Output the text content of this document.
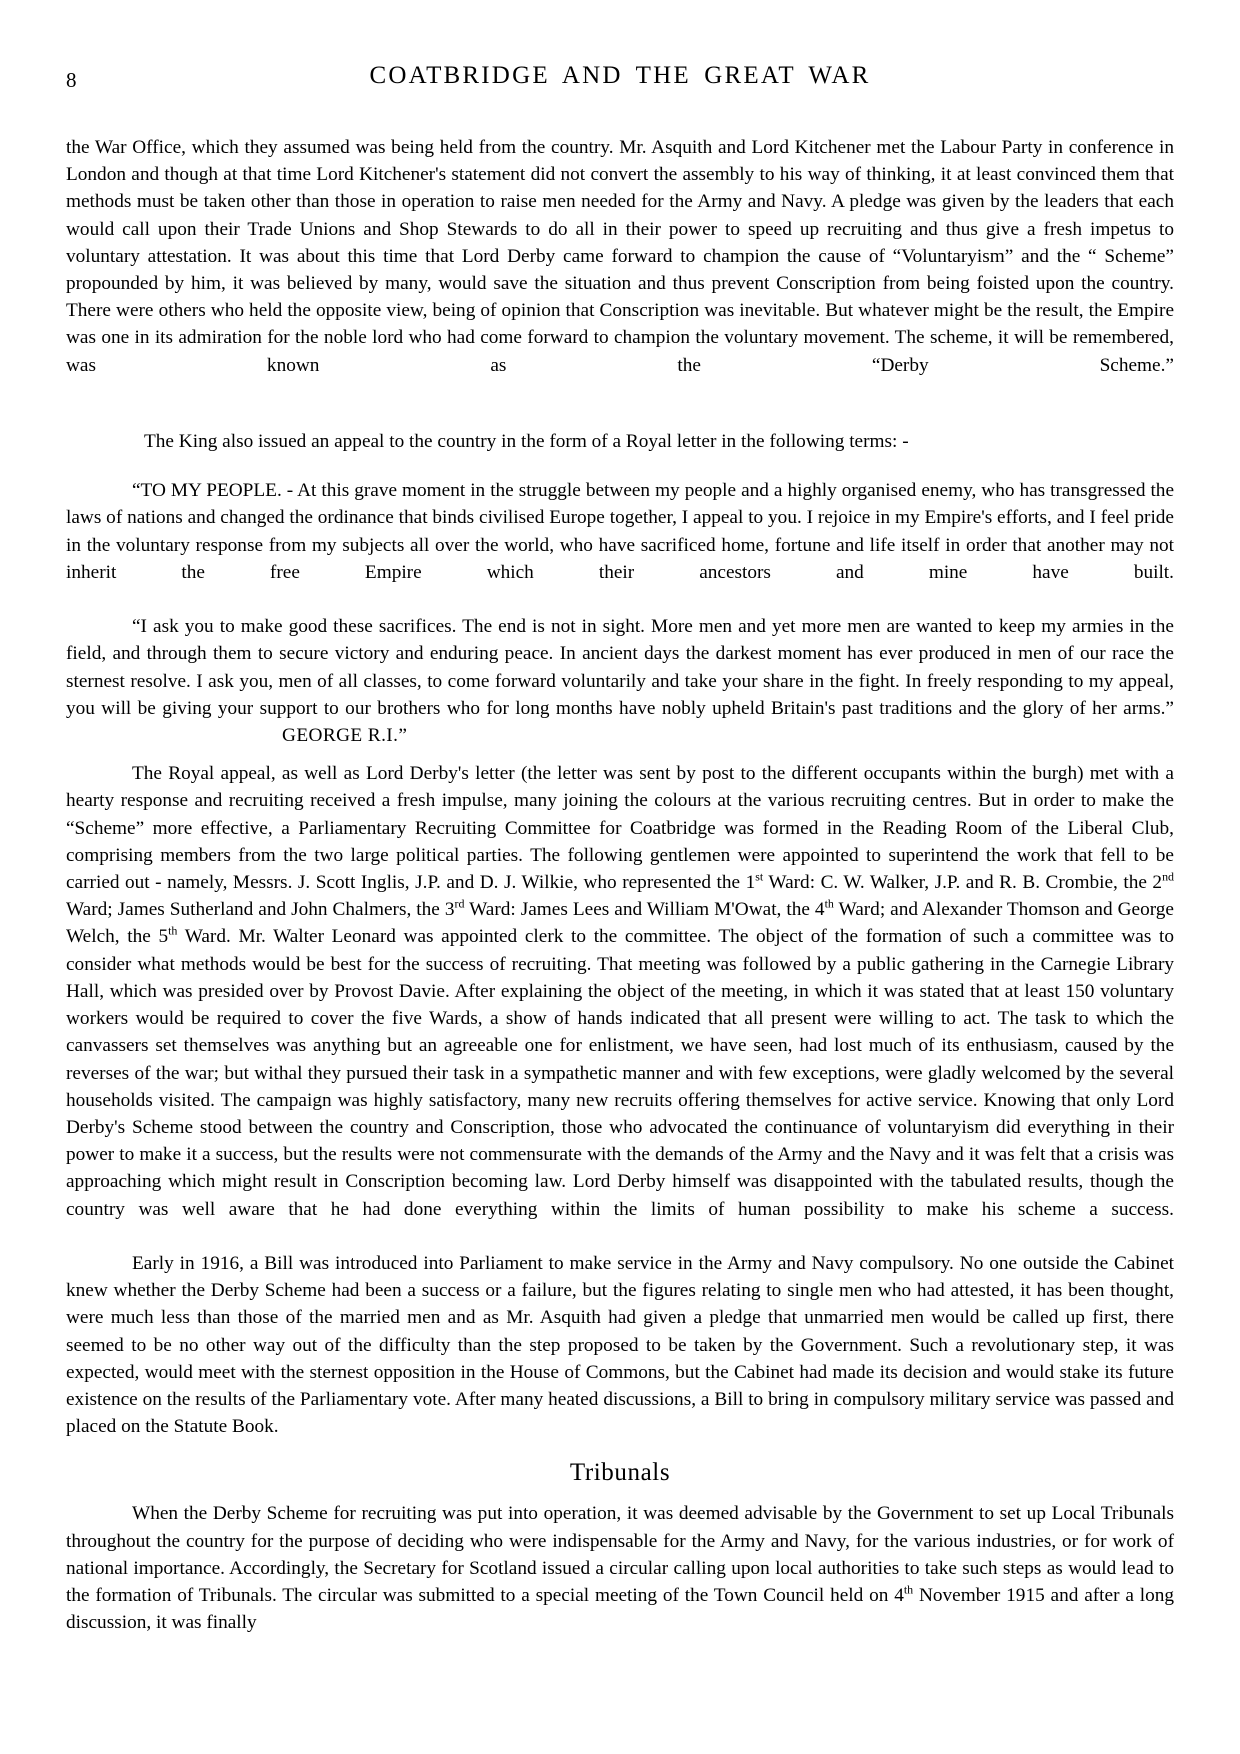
8	COATBRIDGE AND THE GREAT WAR

the War Office, which they assumed was being held from the country. Mr. Asquith and Lord Kitchener met the Labour Party in conference in London and though at that time Lord Kitchener's statement did not convert the assembly to his way of thinking, it at least convinced them that methods must be taken other than those in operation to raise men needed for the Army and Navy. A pledge was given by the leaders that each would call upon their Trade Unions and Shop Stewards to do all in their power to speed up recruiting and thus give a fresh impetus to voluntary attestation. It was about this time that Lord Derby came forward to champion the cause of “Voluntaryism” and the “ Scheme” propounded by him, it was believed by many, would save the situation and thus prevent Conscription from being foisted upon the country. There were others who held the opposite view, being of opinion that Conscription was inevitable. But whatever might be the result, the Empire was one in its admiration for the noble lord who had come forward to champion the voluntary movement. The scheme, it will be remembered, was known as the “Derby Scheme.”

The King also issued an appeal to the country in the form of a Royal letter in the following terms: -

“TO MY PEOPLE. - At this grave moment in the struggle between my people and a highly organised enemy, who has transgressed the laws of nations and changed the ordinance that binds civilised Europe together, I appeal to you. I rejoice in my Empire's efforts, and I feel pride in the voluntary response from my subjects all over the world, who have sacrificed home, fortune and life itself in order that another may not inherit the free Empire which their ancestors and mine have built.

“I ask you to make good these sacrifices. The end is not in sight. More men and yet more men are wanted to keep my armies in the field, and through them to secure victory and enduring peace. In ancient days the darkest moment has ever produced in men of our race the sternest resolve. I ask you, men of all classes, to come forward voluntarily and take your share in the fight. In freely responding to my appeal, you will be giving your support to our brothers who for long months have nobly upheld Britain's past traditions and the glory of her arms.”GEORGE R.I.”

The Royal appeal, as well as Lord Derby's letter (the letter was sent by post to the different occupants within the burgh) met with a hearty response and recruiting received a fresh impulse, many joining the colours at the various recruiting centres. But in order to make the “Scheme” more effective, a Parliamentary Recruiting Committee for Coatbridge was formed in the Reading Room of the Liberal Club, comprising members from the two large political parties. The following gentlemen were appointed to superintend the work that fell to be carried out - namely, Messrs. J. Scott Inglis, J.P. and D. J. Wilkie, who represented the 1st Ward: C. W. Walker, J.P. and R. B. Crombie, the 2nd Ward; James Sutherland and John Chalmers, the 3rd Ward: James Lees and William M'Owat, the 4th Ward; and Alexander Thomson and George Welch, the 5th Ward. Mr. Walter Leonard was appointed clerk to the committee. The object of the formation of such a committee was to consider what methods would be best for the success of recruiting. That meeting was followed by a public gathering in the Carnegie Library Hall, which was presided over by Provost Davie. After explaining the object of the meeting, in which it was stated that at least 150 voluntary workers would be required to cover the five Wards, a show of hands indicated that all present were willing to act. The task to which the canvassers set themselves was anything but an agreeable one for enlistment, we have seen, had lost much of its enthusiasm, caused by the reverses of the war; but withal they pursued their task in a sympathetic manner and with few exceptions, were gladly welcomed by the several households visited. The campaign was highly satisfactory, many new recruits offering themselves for active service. Knowing that only Lord Derby's Scheme stood between the country and Conscription, those who advocated the continuance of voluntaryism did everything in their power to make it a success, but the results were not commensurate with the demands of the Army and the Navy and it was felt that a crisis was approaching which might result in Conscription becoming law. Lord Derby himself was disappointed with the tabulated results, though the country was well aware that he had done everything within the limits of human possibility to make his scheme a success.

Early in 1916, a Bill was introduced into Parliament to make service in the Army and Navy compulsory. No one outside the Cabinet knew whether the Derby Scheme had been a success or a failure, but the figures relating to single men who had attested, it has been thought, were much less than those of the married men and as Mr. Asquith had given a pledge that unmarried men would be called up first, there seemed to be no other way out of the difficulty than the step proposed to be taken by the Government. Such a revolutionary step, it was expected, would meet with the sternest opposition in the House of Commons, but the Cabinet had made its decision and would stake its future existence on the results of the Parliamentary vote. After many heated discussions, a Bill to bring in compulsory military service was passed and placed on the Statute Book.

Tribunals

When the Derby Scheme for recruiting was put into operation, it was deemed advisable by the Government to set up Local Tribunals throughout the country for the purpose of deciding who were indispensable for the Army and Navy, for the various industries, or for work of national importance. Accordingly, the Secretary for Scotland issued a circular calling upon local authorities to take such steps as would lead to the formation of Tribunals. The circular was submitted to a special meeting of the Town Council held on 4th November 1915 and after a long discussion, it was finally
